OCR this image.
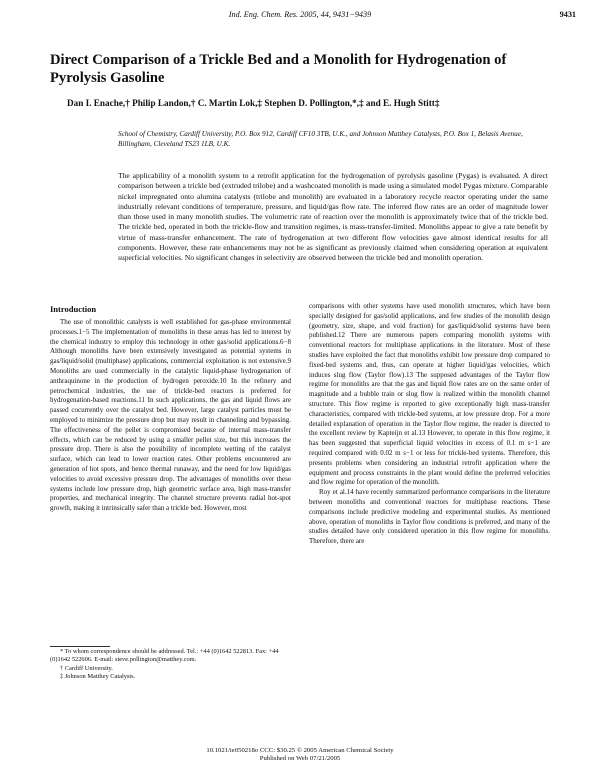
Ind. Eng. Chem. Res. 2005, 44, 9431−9439	9431
Direct Comparison of a Trickle Bed and a Monolith for Hydrogenation of Pyrolysis Gasoline
Dan I. Enache,† Philip Landon,† C. Martin Lok,‡ Stephen D. Pollington,*,‡ and E. Hugh Stitt‡
School of Chemistry, Cardiff University, P.O. Box 912, Cardiff CF10 3TB, U.K., and Johnson Matthey Catalysts, P.O. Box 1, Belasis Avenue, Billingham, Cleveland TS23 1LB, U.K.
The applicability of a monolith system to a retrofit application for the hydrogenation of pyrolysis gasoline (Pygas) is evaluated. A direct comparison between a trickle bed (extruded trilobe) and a washcoated monolith is made using a simulated model Pygas mixture. Comparable nickel impregnated onto alumina catalysts (trilobe and monolith) are evaluated in a laboratory recycle reactor operating under the same industrially relevant conditions of temperature, pressure, and liquid/gas flow rate. The inferred flow rates are an order of magnitude lower than those used in many monolith studies. The volumetric rate of reaction over the monolith is approximately twice that of the trickle bed. The trickle bed, operated in both the trickle-flow and transition regimes, is mass-transfer-limited. Monoliths appear to give a rate benefit by virtue of mass-transfer enhancement. The rate of hydrogenation at two different flow velocities gave almost identical results for all components. However, these rate enhancements may not be as significant as previously claimed when considering operation at equivalent superficial velocities. No significant changes in selectivity are observed between the trickle bed and monolith operation.
Introduction

The use of monolithic catalysts is well established for gas-phase environmental processes.1−5 The implementation of monoliths in these areas has led to interest by the chemical industry to employ this technology in other gas/solid applications.6−8 Although monoliths have been extensively investigated as potential systems in gas/liquid/solid (multiphase) applications, commercial exploitation is not extensive.9 Monoliths are used commercially in the catalytic liquid-phase hydrogenation of anthraquinone in the production of hydrogen peroxide.10 In the refinery and petrochemical industries, the use of trickle-bed reactors is preferred for hydrogenation-based reactions.11 In such applications, the gas and liquid flows are passed cocurrently over the catalyst bed. However, large catalyst particles must be employed to minimize the pressure drop but may result in channeling and bypassing. The effectiveness of the pellet is compromised because of internal mass-transfer effects, which can be reduced by using a smaller pellet size, but this increases the pressure drop. There is also the possibility of incomplete wetting of the catalyst surface, which can lead to lower reaction rates. Other problems encountered are generation of hot spots, and hence thermal runaway, and the need for low liquid/gas velocities to avoid excessive pressure drop. The advantages of monoliths over these systems include low pressure drop, high geometric surface area, high mass-transfer properties, and mechanical integrity. The channel structure prevents radial hot-spot growth, making it intrinsically safer than a trickle bed. However, most

comparisons with other systems have used monolith structures, which have been specially designed for gas/solid applications, and few studies of the monolith design (geometry, size, shape, and void fraction) for gas/liquid/solid systems have been published.12 There are numerous papers comparing monolith systems with conventional reactors for multiphase applications in the literature. Most of these studies have exploited the fact that monoliths exhibit low pressure drop compared to fixed-bed systems and, thus, can operate at higher liquid/gas velocities, which induces slug flow (Taylor flow).13 The supposed advantages of the Taylor flow regime for monoliths are that the gas and liquid flow rates are on the same order of magnitude and a bubble train or slug flow is realized within the monolith channel structure. This flow regime is reported to give exceptionally high mass-transfer characteristics, compared with trickle-bed systems, at low pressure drop. For a more detailed explanation of operation in the Taylor flow regime, the reader is directed to the excellent review by Kapteijn et al.13 However, to operate in this flow regime, it has been suggested that superficial liquid velocities in excess of 0.1 m s−1 are required compared with 0.02 m s−1 or less for trickle-bed systems. Therefore, this presents problems when considering an industrial retrofit application where the equipment and process constraints in the plant would define the preferred velocities and flow regime for operation of the monolith.

Roy et al.14 have recently summarized performance comparisons in the literature between monoliths and conventional reactors for multiphase reactions. These comparisons include predictive modeling and experimental studies. As mentioned above, operation of monoliths in Taylor flow conditions is preferred, and many of the studies detailed have only considered operation in this flow regime for monoliths. Therefore, there are

* To whom correspondence should be addressed. Tel.: +44 (0)1642 522813. Fax: +44 (0)1642 522606. E-mail: steve.pollington@matthey.com.

† Cardiff University.

‡ Johnson Matthey Catalysts.

10.1021/ie050218o CCC: $30.25 © 2005 American Chemical Society
Published on Web 07/21/2005
